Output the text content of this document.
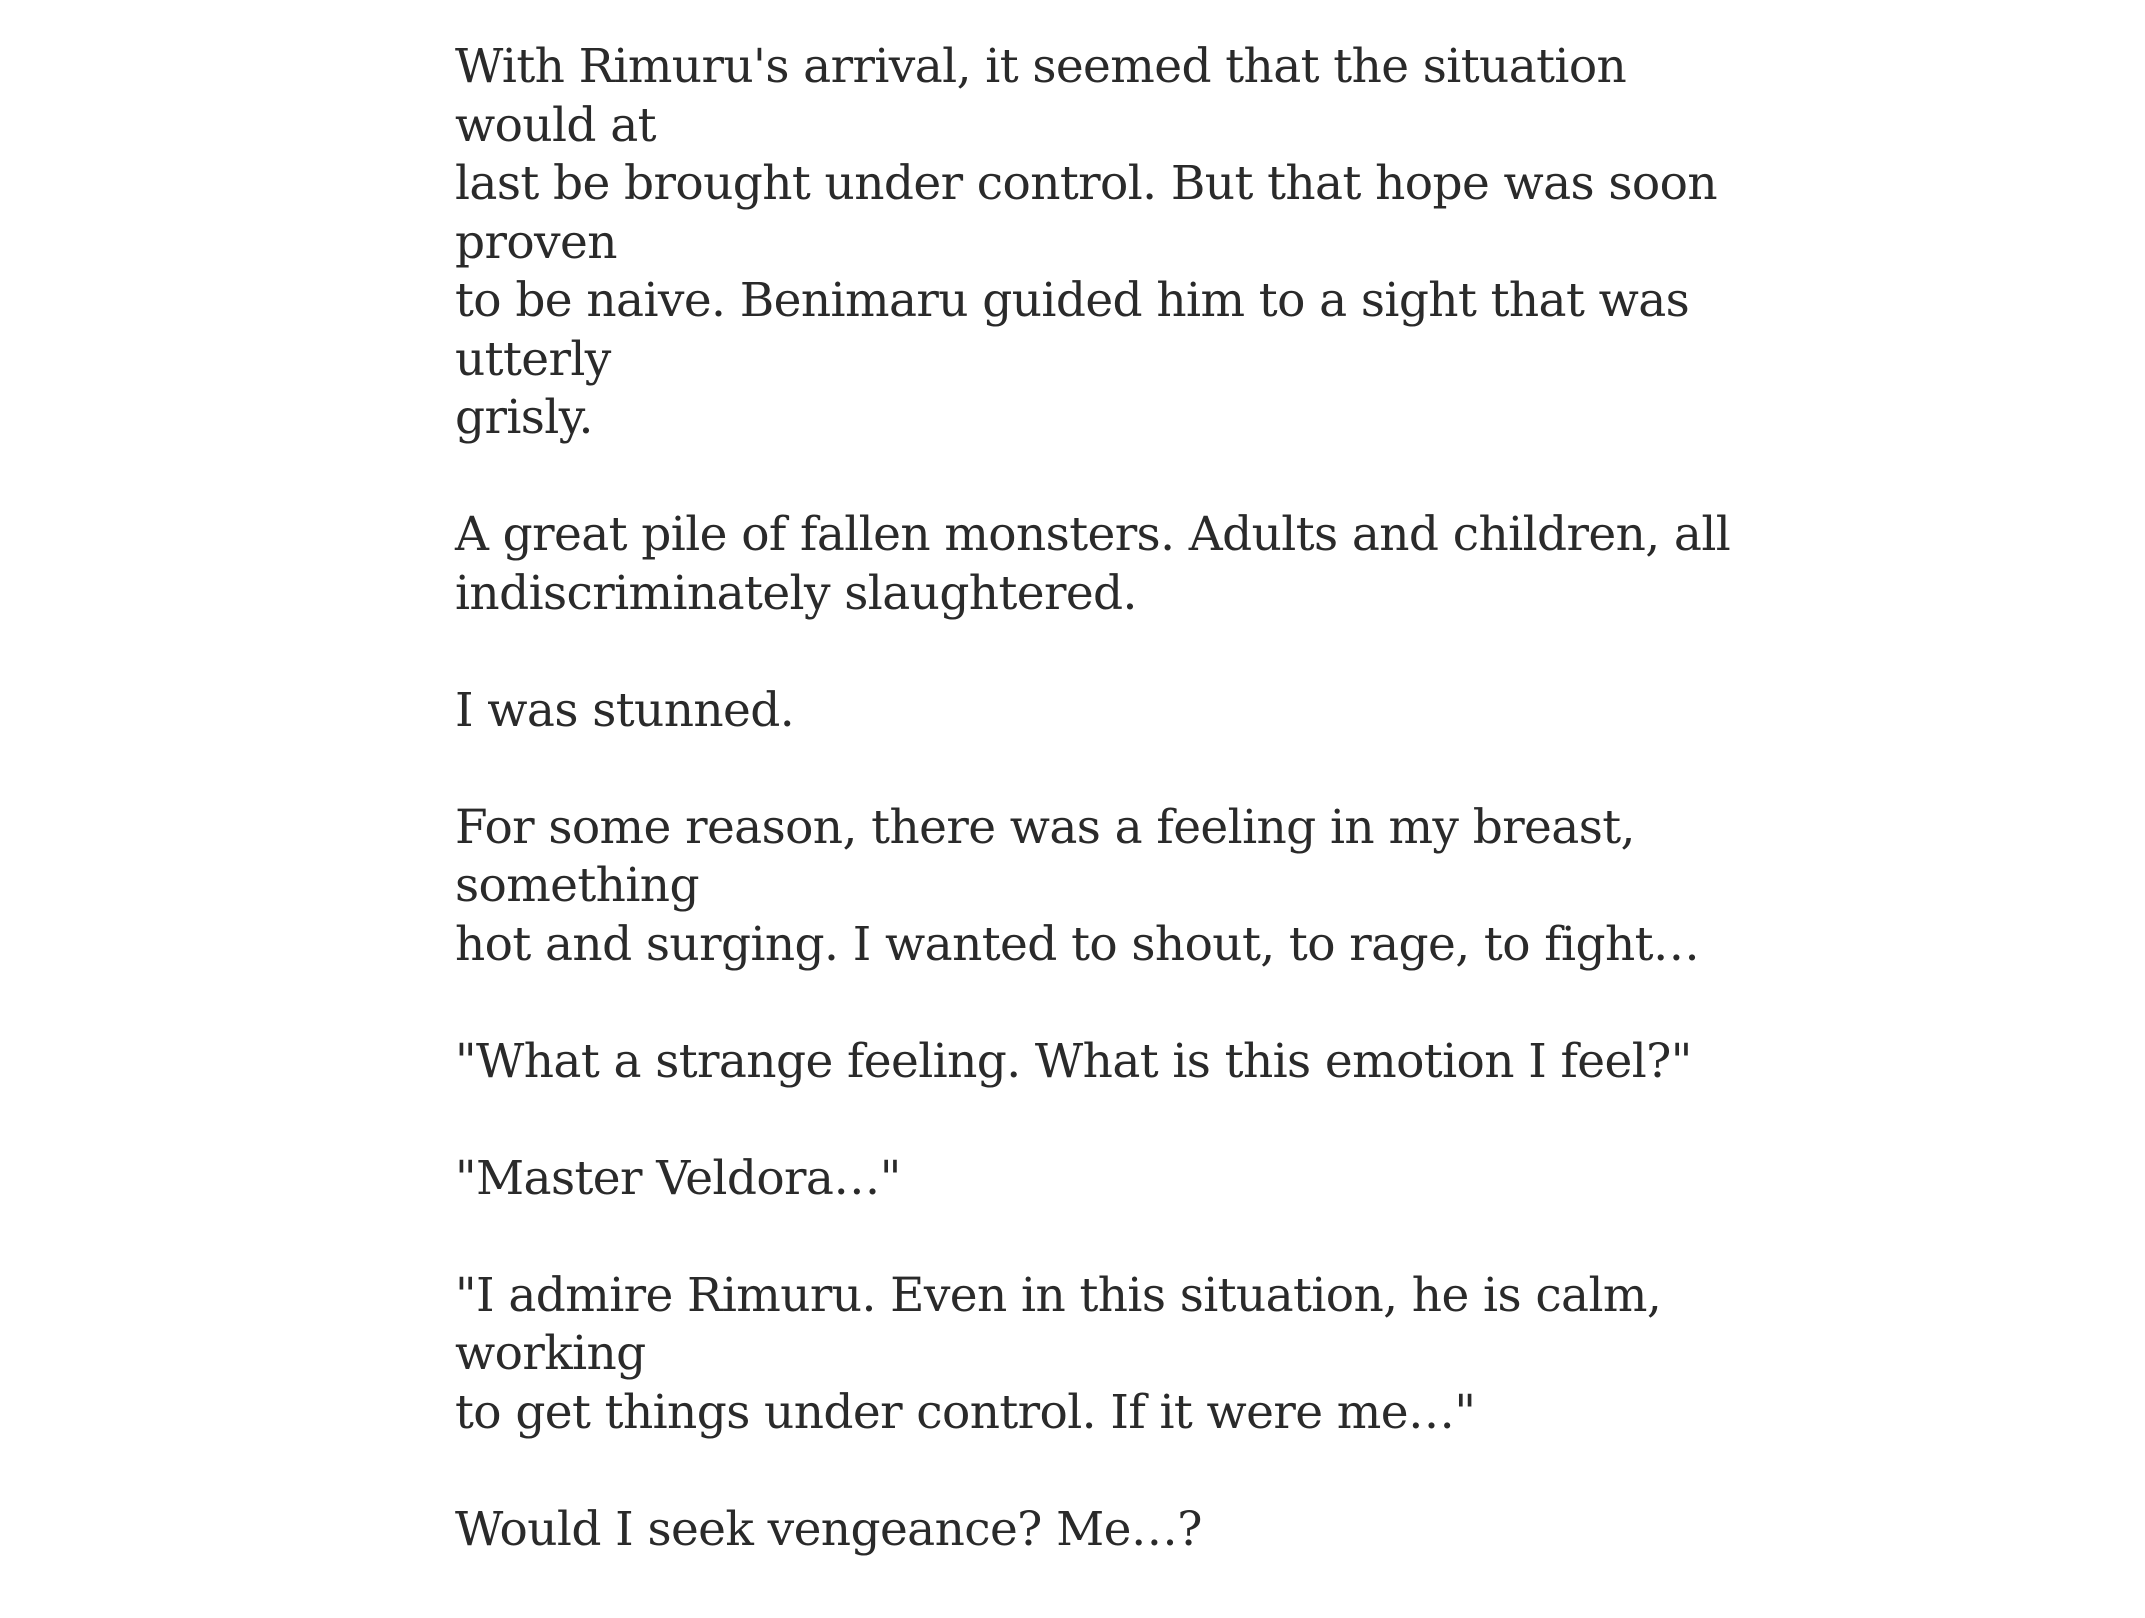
With Rimuru's arrival, it seemed that the situation would at
last be brought under control. But that hope was soon proven
to be naive. Benimaru guided him to a sight that was utterly
grisly.

A great pile of fallen monsters. Adults and children, all
indiscriminately slaughtered.

I was stunned.

For some reason, there was a feeling in my breast, something
hot and surging. I wanted to shout, to rage, to fight…

"What a strange feeling. What is this emotion I feel?"

"Master Veldora…"

"I admire Rimuru. Even in this situation, he is calm, working
to get things under control. If it were me…"

Would I seek vengeance? Me…?
